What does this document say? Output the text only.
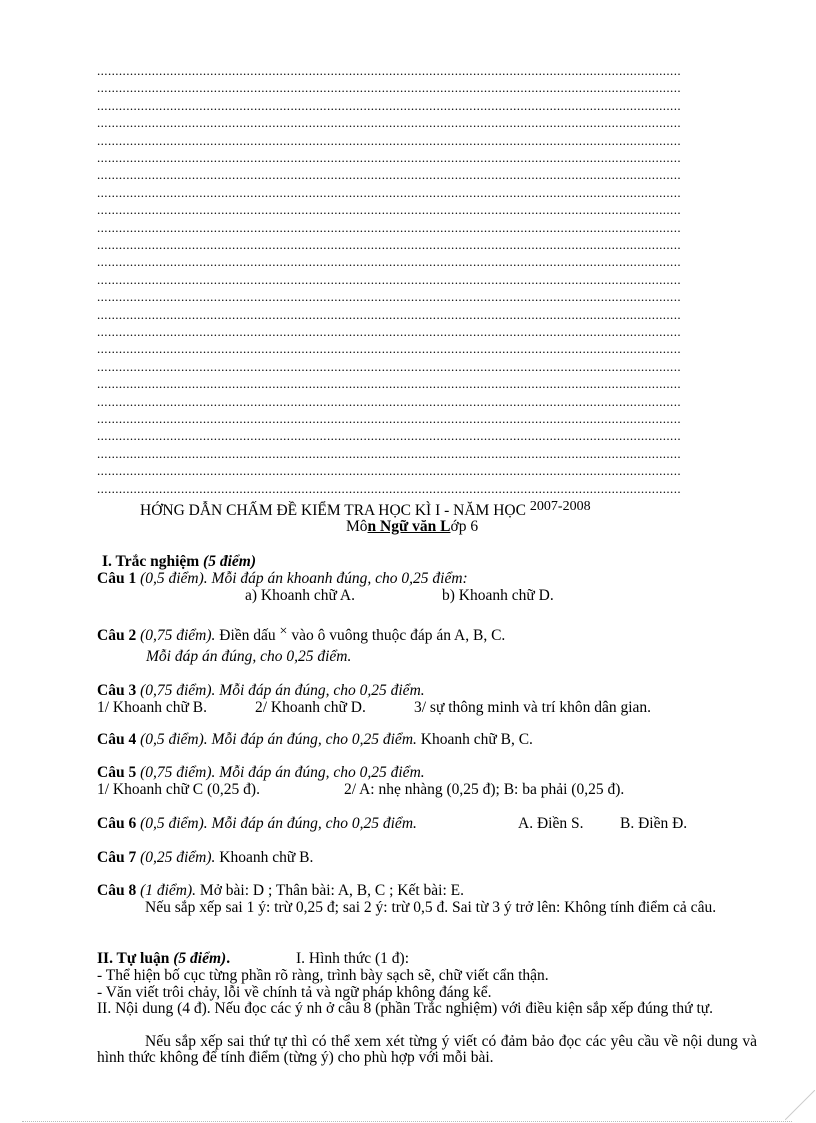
................................................................................................................................................................
................................................................................................................................................................
................................................................................................................................................................
................................................................................................................................................................
................................................................................................................................................................
................................................................................................................................................................
................................................................................................................................................................
................................................................................................................................................................
................................................................................................................................................................
................................................................................................................................................................
................................................................................................................................................................
................................................................................................................................................................
................................................................................................................................................................
................................................................................................................................................................
................................................................................................................................................................
................................................................................................................................................................
................................................................................................................................................................
................................................................................................................................................................
................................................................................................................................................................
................................................................................................................................................................
................................................................................................................................................................
................................................................................................................................................................
................................................................................................................................................................
................................................................................................................................................................
................................................................................................................................................................
HỚNG DẪN CHẤM ĐỀ KIỂM TRA HỌC KÌ I - NĂM HỌC 2007-2008
Môn Ngữ văn Lớp 6
I. Trắc nghiệm (5 điểm)
Câu 1 (0,5 điểm). Mỗi đáp án khoanh đúng, cho 0,25 điểm:
a) Khoanh chữ A.	b) Khoanh chữ D.
Câu 2 (0,75 điểm). Điền dấu × vào ô vuông thuộc đáp án A, B, C.
Mỗi đáp án đúng, cho 0,25 điểm.
Câu 3 (0,75 điểm). Mỗi đáp án đúng, cho 0,25 điểm.
1/ Khoanh chữ B.	2/ Khoanh chữ D.	3/ sự thông minh và trí khôn dân gian.
Câu 4 (0,5 điểm). Mỗi đáp án đúng, cho 0,25 điểm. Khoanh chữ B, C.
Câu 5 (0,75 điểm). Mỗi đáp án đúng, cho 0,25 điểm.
1/ Khoanh chữ C (0,25 đ).	2/ A: nhẹ nhàng (0,25 đ); B: ba phải (0,25 đ).
Câu 6 (0,5 điểm). Mỗi đáp án đúng, cho 0,25 điểm.	A. Điền S. B. Điền Đ.
Câu 7 (0,25 điểm). Khoanh chữ B.
Câu 8 (1 điểm). Mở bài: D ; Thân bài: A, B, C ; Kết bài: E.
Nếu sắp xếp sai 1 ý: trừ 0,25 đ; sai 2 ý: trừ 0,5 đ. Sai từ 3 ý trở lên: Không tính điểm cả câu.
II. Tự luận (5 điểm).	I. Hình thức (1 đ):
- Thể hiện bố cục từng phần rõ ràng, trình bày sạch sẽ, chữ viết cẩn thận.
- Văn viết trôi chảy, lỗi về chính tả và ngữ pháp không đáng kể.
II. Nội dung (4 đ). Nếu đọc các ý nh ở câu 8 (phần Trắc nghiệm) với điều kiện sắp xếp đúng thứ tự.
Nếu sắp xếp sai thứ tự thì có thể xem xét từng ý viết có đảm bảo đọc các yêu cầu về nội dung và hình thức không để tính điểm (từng ý) cho phù hợp với mỗi bài.
